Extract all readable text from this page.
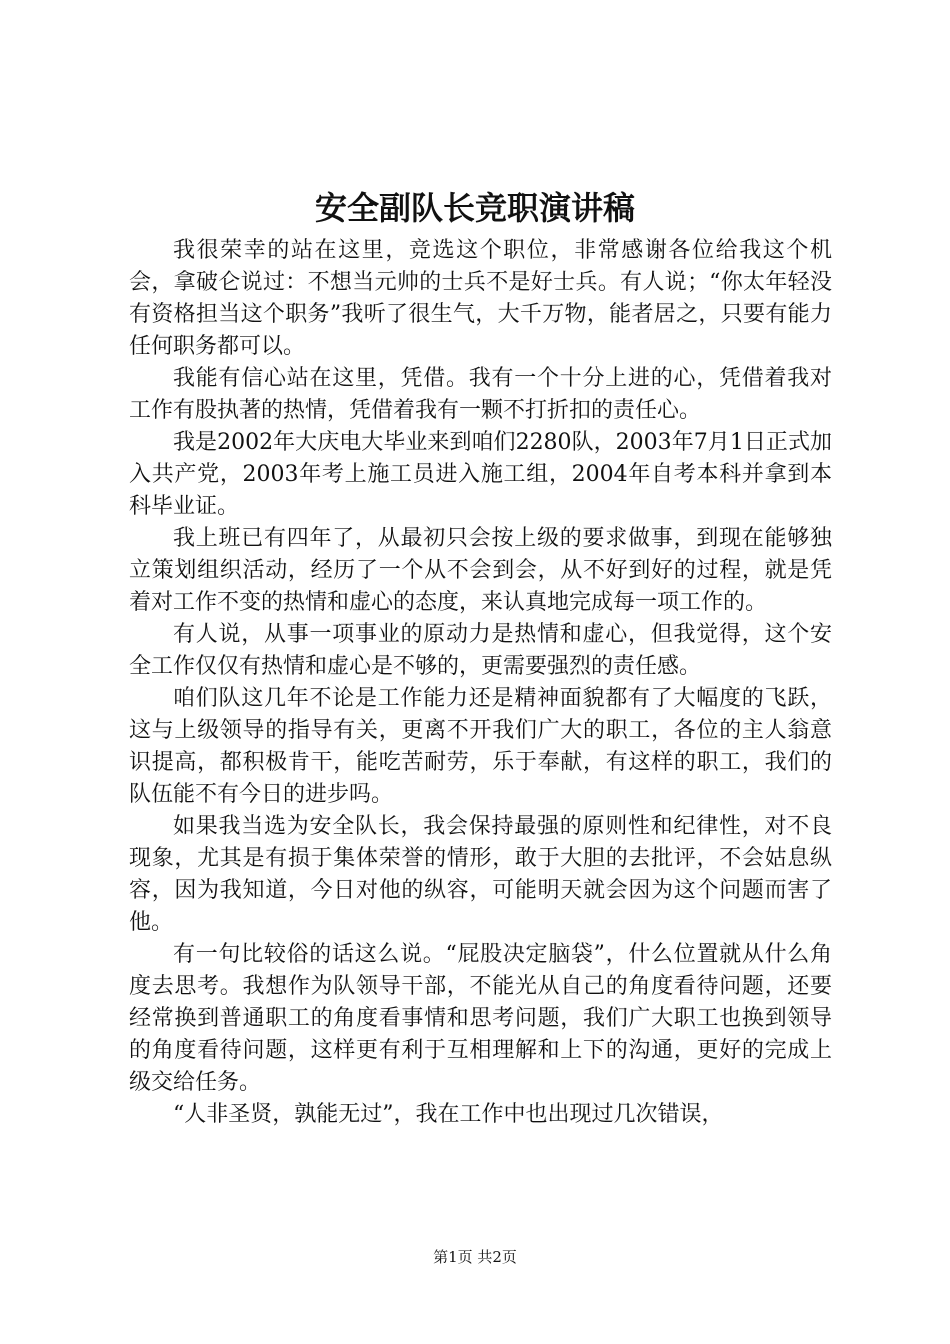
安全副队长竞职演讲稿

我很荣幸的站在这里，竞选这个职位，非常感谢各位给我这个机会，拿破仑说过：不想当元帅的士兵不是好士兵。有人说；“你太年轻没有资格担当这个职务”我听了很生气，大千万物，能者居之，只要有能力任何职务都可以。

我能有信心站在这里，凭借。我有一个十分上进的心，凭借着我对工作有股执著的热情，凭借着我有一颗不打折扣的责任心。

我是2002年大庆电大毕业来到咱们2280队，2003年7月1日正式加入共产党，2003年考上施工员进入施工组，2004年自考本科并拿到本科毕业证。

我上班已有四年了，从最初只会按上级的要求做事，到现在能够独立策划组织活动，经历了一个从不会到会，从不好到好的过程，就是凭着对工作不变的热情和虚心的态度，来认真地完成每一项工作的。

有人说，从事一项事业的原动力是热情和虚心，但我觉得，这个安全工作仅仅有热情和虚心是不够的，更需要强烈的责任感。

咱们队这几年不论是工作能力还是精神面貌都有了大幅度的飞跃，这与上级领导的指导有关，更离不开我们广大的职工，各位的主人翁意识提高，都积极肯干，能吃苦耐劳，乐于奉献，有这样的职工，我们的队伍能不有今日的进步吗。

如果我当选为安全队长，我会保持最强的原则性和纪律性，对不良现象，尤其是有损于集体荣誉的情形，敢于大胆的去批评，不会姑息纵容，因为我知道，今日对他的纵容，可能明天就会因为这个问题而害了他。

有一句比较俗的话这么说。“屁股决定脑袋”，什么位置就从什么角度去思考。我想作为队领导干部，不能光从自己的角度看待问题，还要经常换到普通职工的角度看事情和思考问题，我们广大职工也换到领导的角度看待问题，这样更有利于互相理解和上下的沟通，更好的完成上级交给任务。

“人非圣贤，孰能无过”，我在工作中也出现过几次错误，

第1页 共2页
